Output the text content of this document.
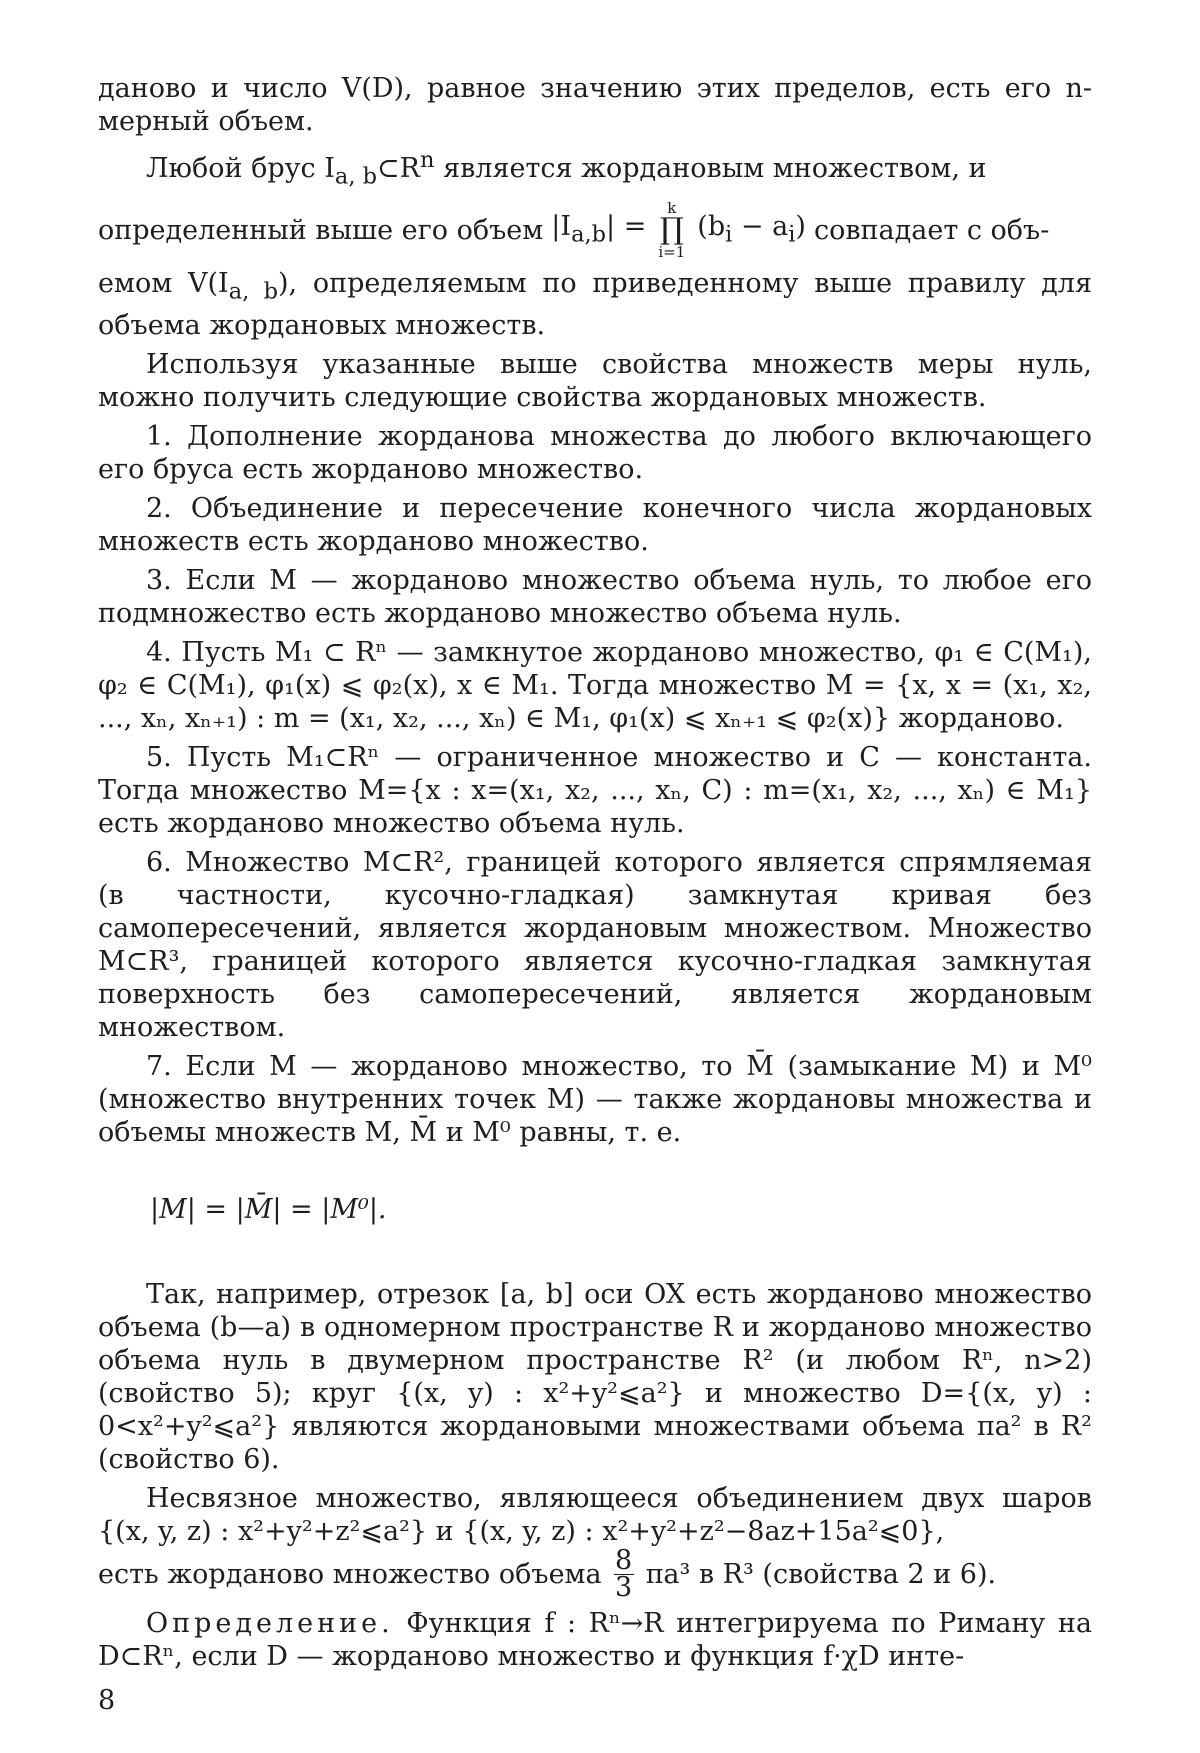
даново и число V(D), равное значению этих пределов, есть его n-мерный объем.

Любой брус $I_{a, b}\subset R^n$ является жордановым множеством, и

определенный выше его объем $|I_{a,b}|$ =
k
∏
i=1
$(b_i - a_i)$ совпадает с объ-

емом $V(I_{a, b})$, определяемым по приведенному выше правилу для объема жордановых множеств.

Используя указанные выше свойства множеств меры нуль, можно получить следующие свойства жордановых множеств.

1. Дополнение жорданова множества до любого включающего его бруса есть жорданово множество.

2. Объединение и пересечение конечного числа жордановых множеств есть жорданово множество.

3. Если M — жорданово множество объема нуль, то любое его подмножество есть жорданово множество объема нуль.

4. Пусть M₁ ⊂ Rⁿ — замкнутое жорданово множество, φ₁ ∈ C(M₁), φ₂ ∈ C(M₁), φ₁(x) ⩽ φ₂(x), x ∈ M₁. Тогда множество M = {x, x = (x₁, x₂, ..., xₙ, xₙ₊₁) : m = (x₁, x₂, ..., xₙ) ∈ M₁, φ₁(x) ⩽ xₙ₊₁ ⩽ φ₂(x)} жорданово.

5. Пусть M₁⊂Rⁿ — ограниченное множество и C — константа. Тогда множество M={x : x=(x₁, x₂, ..., xₙ, C) : m=(x₁, x₂, ..., xₙ) ∈ M₁} есть жорданово множество объема нуль.

6. Множество M⊂R², границей которого является спрямляемая (в частности, кусочно-гладкая) замкнутая кривая без самопересечений, является жордановым множеством. Множество M⊂R³, границей которого является кусочно-гладкая замкнутая поверхность без самопересечений, является жордановым множеством.

7. Если M — жорданово множество, то M̄ (замыкание M) и M⁰ (множество внутренних точек M) — также жордановы множества и объемы множеств M, M̄ и M⁰ равны, т. е.

|M| = |M̄| = |M⁰|.

Так, например, отрезок [a, b] оси OX есть жорданово множество объема (b—a) в одномерном пространстве R и жорданово множество объема нуль в двумерном пространстве R² (и любом Rⁿ, n>2) (свойство 5); круг {(x, y) : x²+y²⩽a²} и множество D={(x, y) : 0<x²+y²⩽a²} являются жордановыми множествами объема πa² в R² (свойство 6).

Несвязное множество, являющееся объединением двух шаров {(x, y, z) : x²+y²+z²⩽a²} и {(x, y, z) : x²+y²+z²−8az+15a²⩽0},

есть жорданово множество объема $\frac{8}{3} \pi a^3$ в R³ (свойства 2 и 6).

Определение. Функция f : Rⁿ→R интегрируема по Риману на D⊂Rⁿ, если D — жорданово множество и функция f·χD инте-

8
